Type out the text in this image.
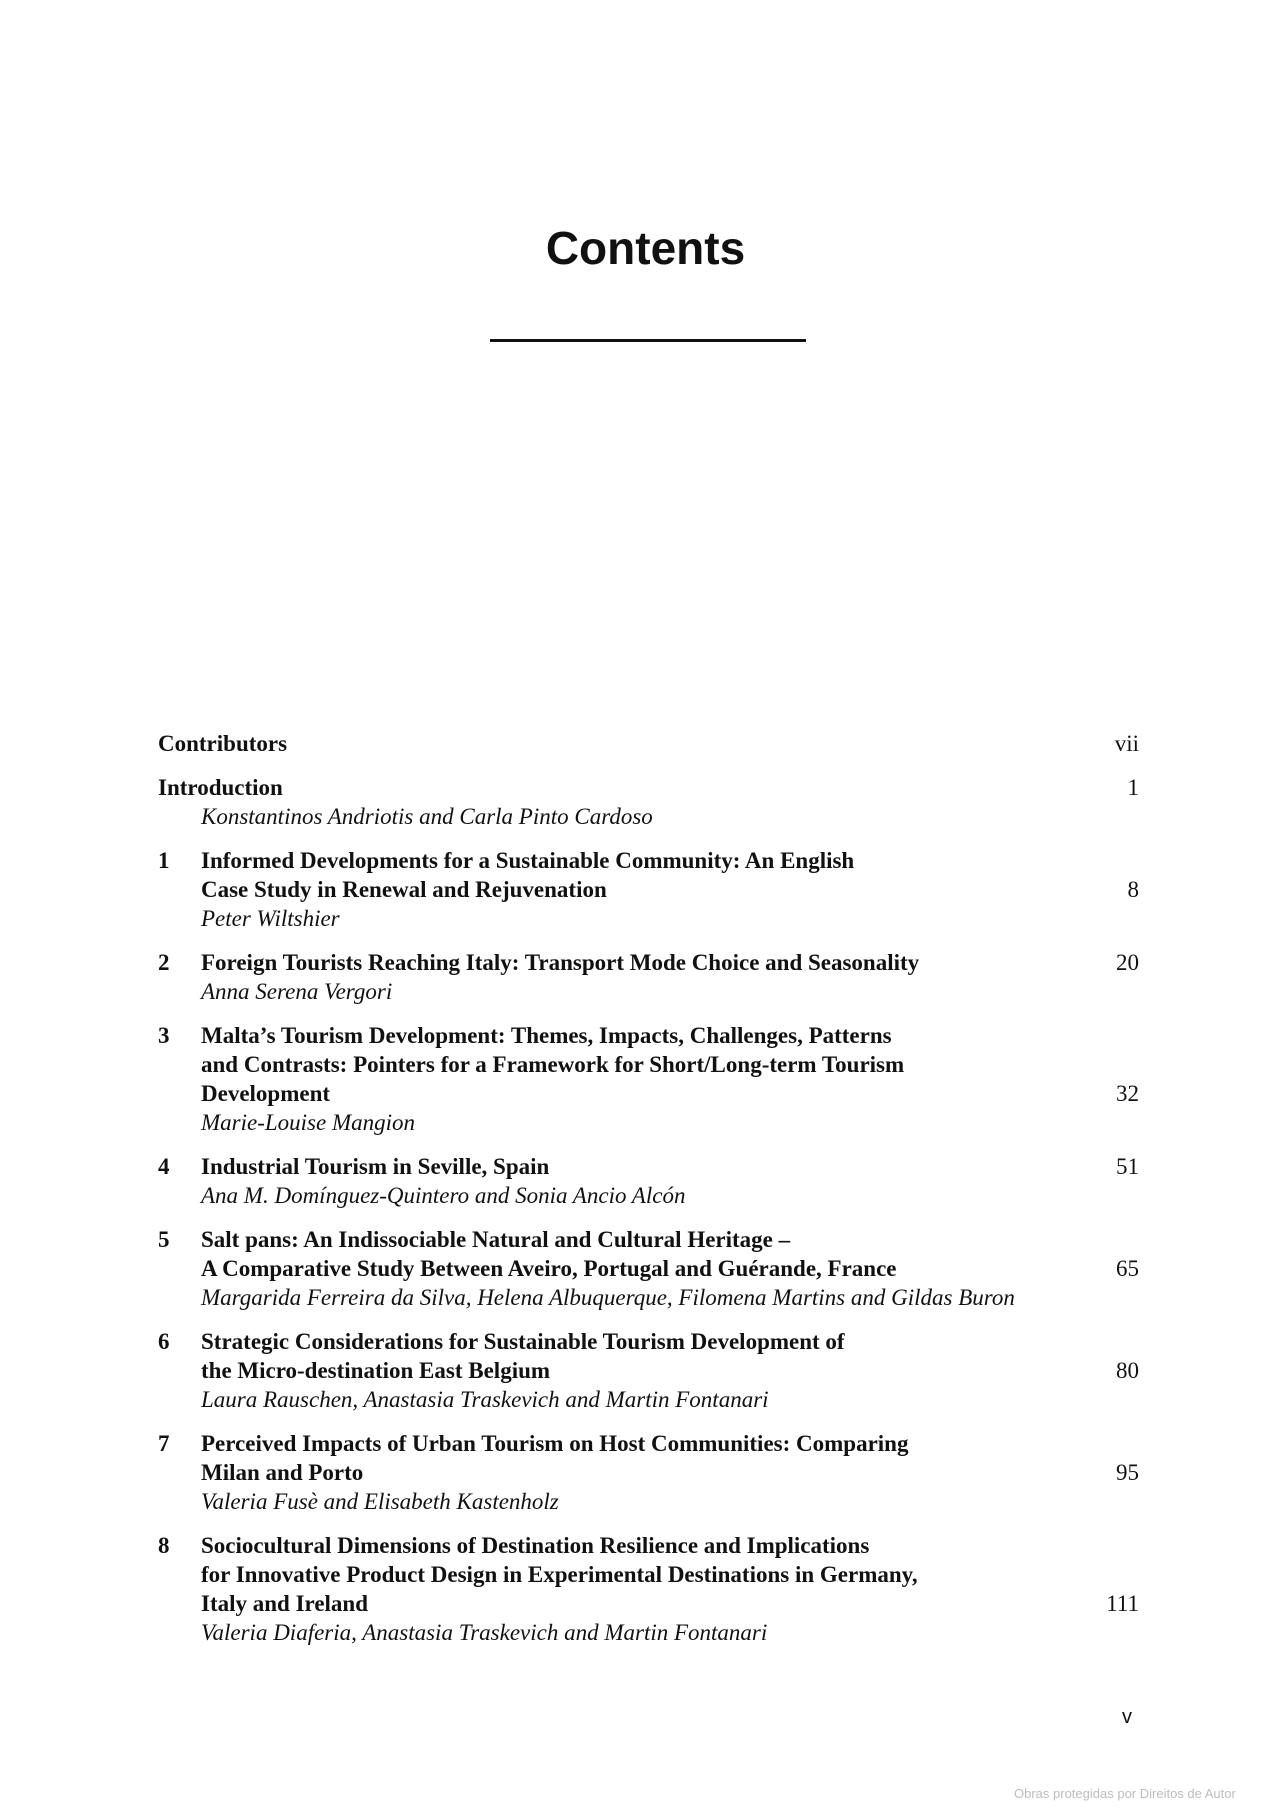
Contents
Contributors	vii
Introduction	1
Konstantinos Andriotis and Carla Pinto Cardoso
1	Informed Developments for a Sustainable Community: An English
Case Study in Renewal and Rejuvenation	8
Peter Wiltshier
2	Foreign Tourists Reaching Italy: Transport Mode Choice and Seasonality	20
Anna Serena Vergori
3	Malta’s Tourism Development: Themes, Impacts, Challenges, Patterns
and Contrasts: Pointers for a Framework for Short/Long-term Tourism
Development	32
Marie-Louise Mangion
4	Industrial Tourism in Seville, Spain	51
Ana M. Domínguez-Quintero and Sonia Ancio Alcón
5	Salt pans: An Indissociable Natural and Cultural Heritage –
A Comparative Study Between Aveiro, Portugal and Guérande, France	65
Margarida Ferreira da Silva, Helena Albuquerque, Filomena Martins and Gildas Buron
6	Strategic Considerations for Sustainable Tourism Development of
the Micro-destination East Belgium	80
Laura Rauschen, Anastasia Traskevich and Martin Fontanari
7	Perceived Impacts of Urban Tourism on Host Communities: Comparing
Milan and Porto	95
Valeria Fusè and Elisabeth Kastenholz
8	Sociocultural Dimensions of Destination Resilience and Implications
for Innovative Product Design in Experimental Destinations in Germany,
Italy and Ireland	111
Valeria Diaferia, Anastasia Traskevich and Martin Fontanari
v
Obras protegidas por Direitos de Autor
